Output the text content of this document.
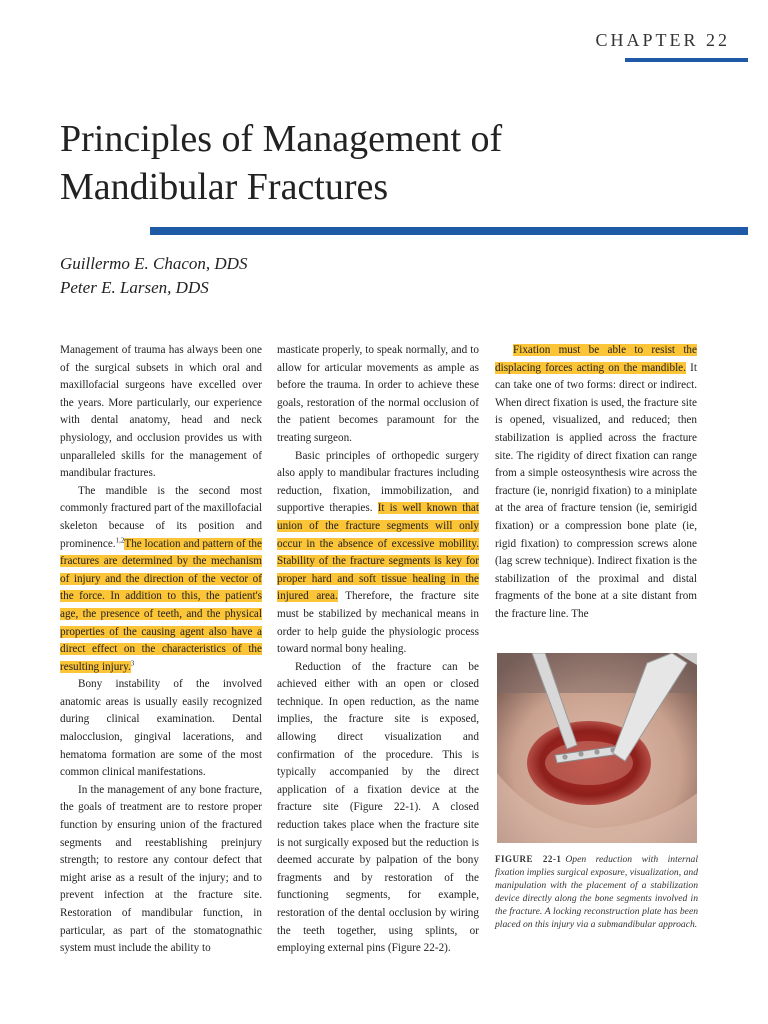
CHAPTER 22
Principles of Management of
Mandibular Fractures
Guillermo E. Chacon, DDS
Peter E. Larsen, DDS

Management of trauma has always been one of the surgical subsets in which oral and maxillofacial surgeons have excelled over the years. More particularly, our experience with dental anatomy, head and neck physiology, and occlusion provides us with unparalleled skills for the management of mandibular fractures.

The mandible is the second most commonly fractured part of the maxillofacial skeleton because of its position and prominence.$^{1,2}$The location and pattern of the fractures are determined by the mechanism of injury and the direction of the vector of the force. In addition to this, the patient's age, the presence of teeth, and the physical properties of the causing agent also have a direct effect on the characteristics of the resulting injury.$^3$

Bony instability of the involved anatomic areas is usually easily recognized during clinical examination. Dental malocclusion, gingival lacerations, and hematoma formation are some of the most common clinical manifestations.

In the management of any bone fracture, the goals of treatment are to restore proper function by ensuring union of the fractured segments and reestablishing preinjury strength; to restore any contour defect that might arise as a result of the injury; and to prevent infection at the fracture site. Restoration of mandibular function, in particular, as part of the stomatognathic system must include the ability to

masticate properly, to speak normally, and to allow for articular movements as ample as before the trauma. In order to achieve these goals, restoration of the normal occlusion of the patient becomes paramount for the treating surgeon.

Basic principles of orthopedic surgery also apply to mandibular fractures including reduction, fixation, immobilization, and supportive therapies. It is well known that union of the fracture segments will only occur in the absence of excessive mobility. Stability of the fracture segments is key for proper hard and soft tissue healing in the injured area. Therefore, the fracture site must be stabilized by mechanical means in order to help guide the physiologic process toward normal bony healing.

Reduction of the fracture can be achieved either with an open or closed technique. In open reduction, as the name implies, the fracture site is exposed, allowing direct visualization and confirmation of the procedure. This is typically accompanied by the direct application of a fixation device at the fracture site (Figure 22-1). A closed reduction takes place when the fracture site is not surgically exposed but the reduction is deemed accurate by palpation of the bony fragments and by restoration of the functioning segments, for example, restoration of the dental occlusion by wiring the teeth together, using splints, or employing external pins (Figure 22-2).

Fixation must be able to resist the displacing forces acting on the mandible. It can take one of two forms: direct or indirect. When direct fixation is used, the fracture site is opened, visualized, and reduced; then stabilization is applied across the fracture site. The rigidity of direct fixation can range from a simple osteosynthesis wire across the fracture (ie, nonrigid fixation) to a miniplate at the area of fracture tension (ie, semirigid fixation) or a compression bone plate (ie, rigid fixation) to compression screws alone (lag screw technique). Indirect fixation is the stabilization of the proximal and distal fragments of the bone at a site distant from the fracture line. The

FIGURE 22-1 Open reduction with internal fixation implies surgical exposure, visualization, and manipulation with the placement of a stabilization device directly along the bone segments involved in the fracture. A locking reconstruction plate has been placed on this injury via a submandibular approach.
